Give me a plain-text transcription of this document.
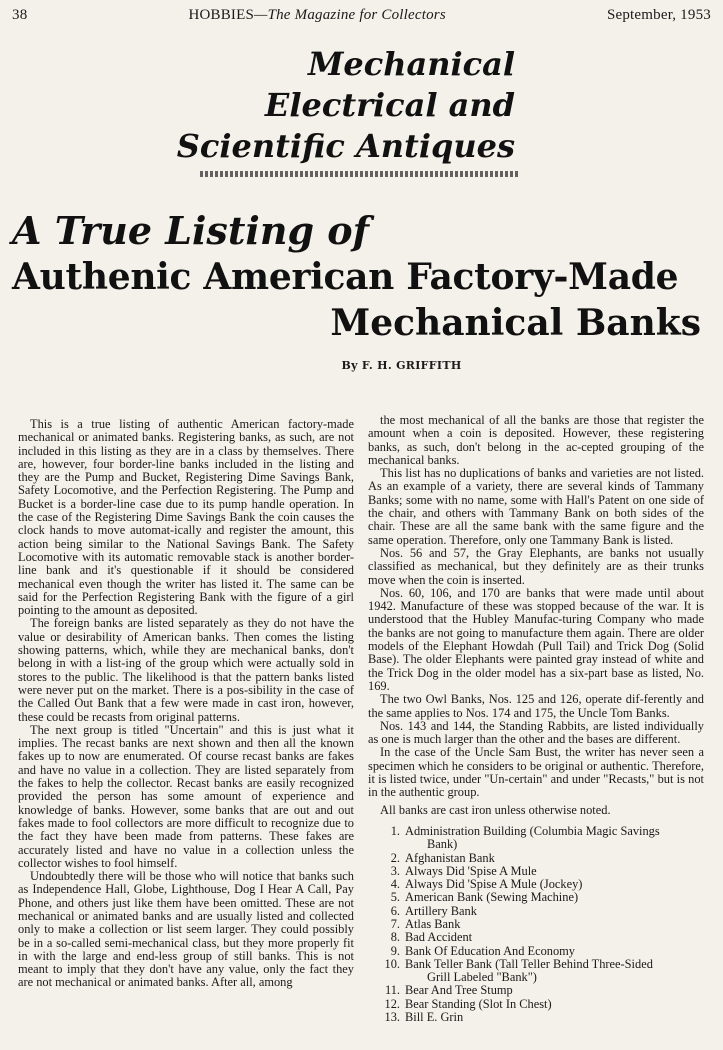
38	HOBBIES—The Magazine for Collectors	September, 1953
Mechanical
Electrical and
Scientific Antiques
A True Listing of
Authenic American Factory-Made
Mechanical Banks
By F. H. GRIFFITH

This is a true listing of authentic American factory-made mechanical or animated banks. Registering banks, as such, are not included in this listing as they are in a class by themselves. There are, however, four border-line banks included in the listing and they are the Pump and Bucket, Registering Dime Savings Bank, Safety Locomotive, and the Perfection Registering. The Pump and Bucket is a border-line case due to its pump handle operation. In the case of the Registering Dime Savings Bank the coin causes the clock hands to move automat-ically and register the amount, this action being similar to the National Savings Bank. The Safety Locomotive with its automatic removable stack is another border-line bank and it's questionable if it should be considered mechanical even though the writer has listed it. The same can be said for the Perfection Registering Bank with the figure of a girl pointing to the amount as deposited.

The foreign banks are listed separately as they do not have the value or desirability of American banks. Then comes the listing showing patterns, which, while they are mechanical banks, don't belong in with a list-ing of the group which were actually sold in stores to the public. The likelihood is that the pattern banks listed were never put on the market. There is a pos-sibility in the case of the Called Out Bank that a few were made in cast iron, however, these could be recasts from original patterns.

The next group is titled "Uncertain" and this is just what it implies. The recast banks are next shown and then all the known fakes up to now are enumerated. Of course recast banks are fakes and have no value in a collection. They are listed separately from the fakes to help the collector. Recast banks are easily recognized provided the person has some amount of experience and knowledge of banks. However, some banks that are out and out fakes made to fool collectors are more difficult to recognize due to the fact they have been made from patterns. These fakes are accurately listed and have no value in a collection unless the collector wishes to fool himself.

Undoubtedly there will be those who will notice that banks such as Independence Hall, Globe, Lighthouse, Dog I Hear A Call, Pay Phone, and others just like them have been omitted. These are not mechanical or animated banks and are usually listed and collected only to make a collection or list seem larger. They could possibly be in a so-called semi-mechanical class, but they more properly fit in with the large and end-less group of still banks. This is not meant to imply that they don't have any value, only the fact they are not mechanical or animated banks. After all, among

the most mechanical of all the banks are those that register the amount when a coin is deposited. However, these registering banks, as such, don't belong in the ac-cepted grouping of the mechanical banks.

This list has no duplications of banks and varieties are not listed. As an example of a variety, there are several kinds of Tammany Banks; some with no name, some with Hall's Patent on one side of the chair, and others with Tammany Bank on both sides of the chair. These are all the same bank with the same figure and the same operation. Therefore, only one Tammany Bank is listed.

Nos. 56 and 57, the Gray Elephants, are banks not usually classified as mechanical, but they definitely are as their trunks move when the coin is inserted.

Nos. 60, 106, and 170 are banks that were made until about 1942. Manufacture of these was stopped because of the war. It is understood that the Hubley Manufac-turing Company who made the banks are not going to manufacture them again. There are older models of the Elephant Howdah (Pull Tail) and Trick Dog (Solid Base). The older Elephants were painted gray instead of white and the Trick Dog in the older model has a six-part base as listed, No. 169.

The two Owl Banks, Nos. 125 and 126, operate dif-ferently and the same applies to Nos. 174 and 175, the Uncle Tom Banks.

Nos. 143 and 144, the Standing Rabbits, are listed individually as one is much larger than the other and the bases are different.

In the case of the Uncle Sam Bust, the writer has never seen a specimen which he considers to be original or authentic. Therefore, it is listed twice, under "Un-certain" and under "Recasts," but is not in the authentic group.

All banks are cast iron unless otherwise noted.

1. Administration Building (Columbia Magic Savings
Bank)
2. Afghanistan Bank
3. Always Did 'Spise A Mule
4. Always Did 'Spise A Mule (Jockey)
5. American Bank (Sewing Machine)
6. Artillery Bank
7. Atlas Bank
8. Bad Accident
9. Bank Of Education And Economy
10. Bank Teller Bank (Tall Teller Behind Three-Sided
Grill Labeled "Bank")
11. Bear And Tree Stump
12. Bear Standing (Slot In Chest)
13. Bill E. Grin
